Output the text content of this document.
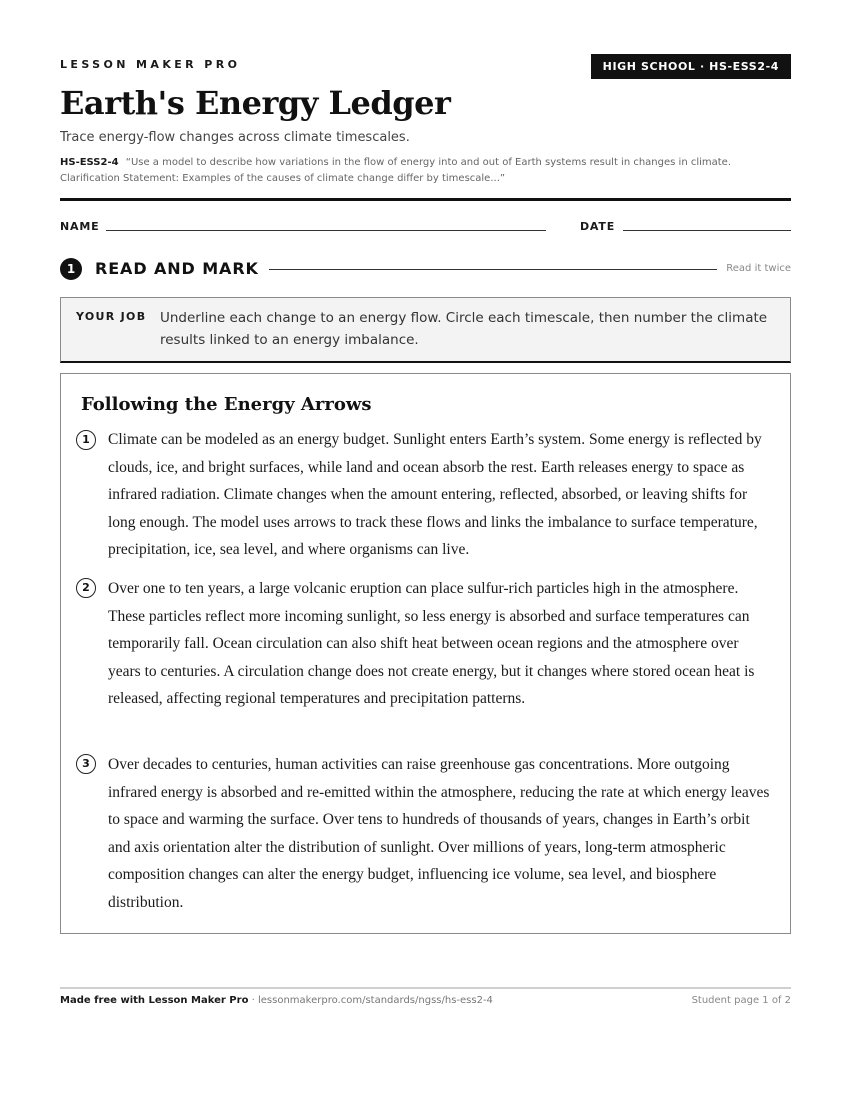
LESSON MAKER PRO	HIGH SCHOOL · HS-ESS2-4
Earth's Energy Ledger
Trace energy-flow changes across climate timescales.
HS-ESS2-4 “Use a model to describe how variations in the flow of energy into and out of Earth systems result in changes in climate. Clarification Statement: Examples of the causes of climate change differ by timescale...”
NAME	DATE
1	READ AND MARK	Read it twice
YOUR JOB Underline each change to an energy flow. Circle each timescale, then number the climate results linked to an energy imbalance.
Following the Energy Arrows
1	Climate can be modeled as an energy budget. Sunlight enters Earth’s system. Some energy is reflected by clouds, ice, and bright surfaces, while land and ocean absorb the rest. Earth releases energy to space as infrared radiation. Climate changes when the amount entering, reflected, absorbed, or leaving shifts for long enough. The model uses arrows to track these flows and links the imbalance to surface temperature, precipitation, ice, sea level, and where organisms can live.

2	Over one to ten years, a large volcanic eruption can place sulfur-rich particles high in the atmosphere. These particles reflect more incoming sunlight, so less energy is absorbed and surface temperatures can temporarily fall. Ocean circulation can also shift heat between ocean regions and the atmosphere over years to centuries. A circulation change does not create energy, but it changes where stored ocean heat is released, affecting regional temperatures and precipitation patterns.

3	Over decades to centuries, human activities can raise greenhouse gas concentrations. More outgoing infrared energy is absorbed and re-emitted within the atmosphere, reducing the rate at which energy leaves to space and warming the surface. Over tens to hundreds of thousands of years, changes in Earth’s orbit and axis orientation alter the distribution of sunlight. Over millions of years, long-term atmospheric composition changes can alter the energy budget, influencing ice volume, sea level, and biosphere distribution.

Made free with Lesson Maker Pro · lessonmakerpro.com/standards/ngss/hs-ess2-4	Student page 1 of 2
